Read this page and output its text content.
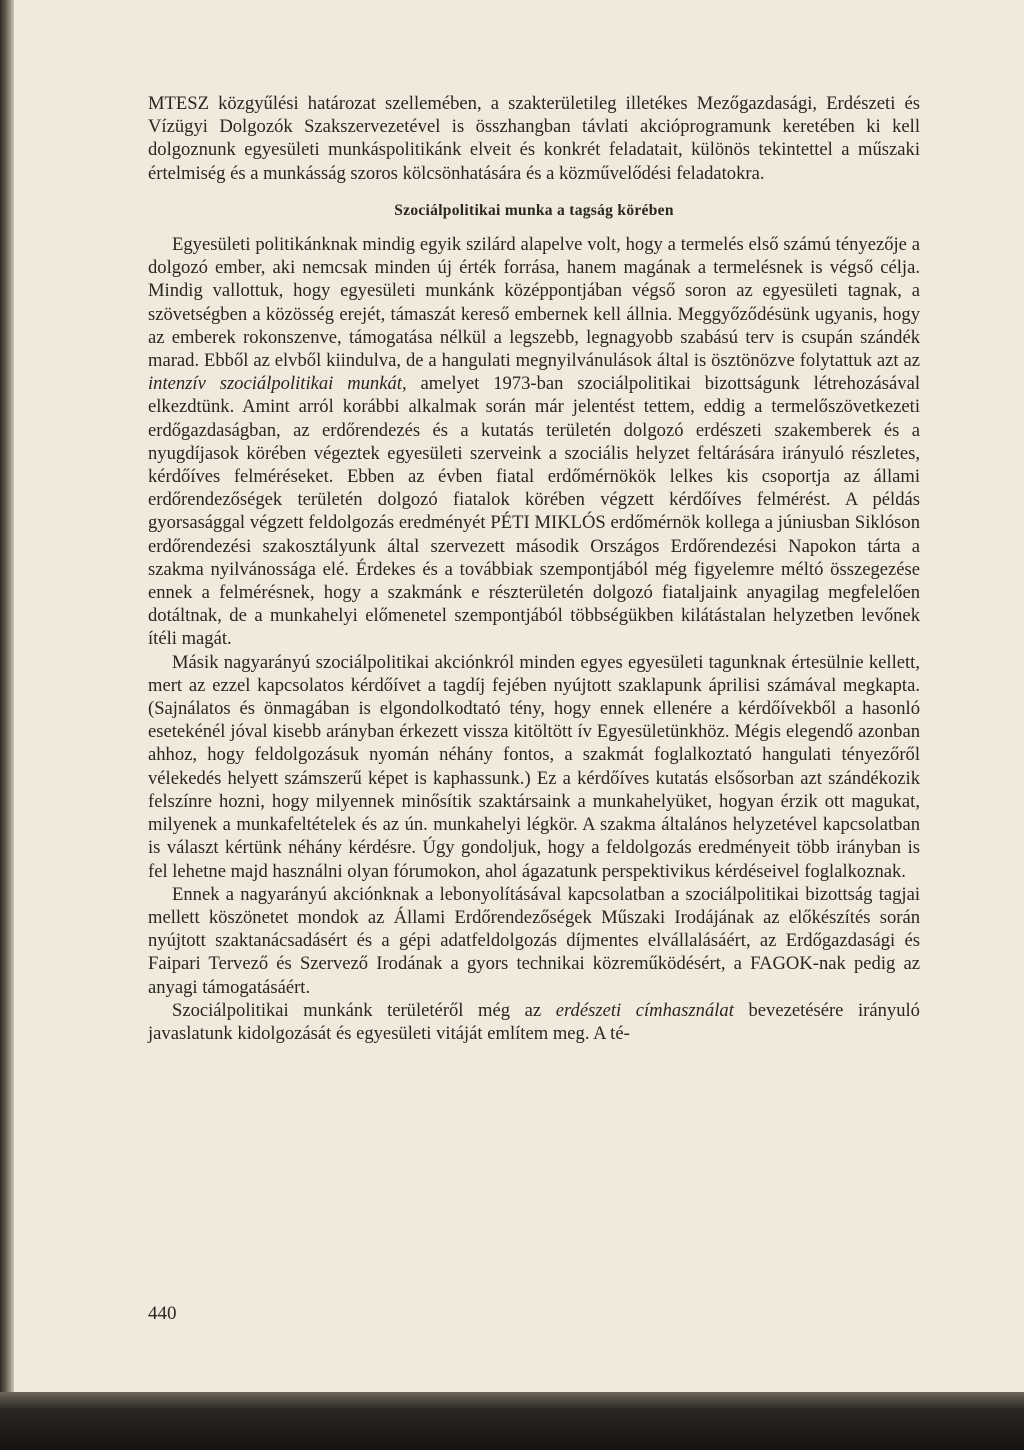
MTESZ közgyűlési határozat szellemében, a szakterületileg illetékes Mezőgazdasági, Erdészeti és Vízügyi Dolgozók Szakszervezetével is összhangban távlati akcióprogramunk keretében ki kell dolgoznunk egyesületi munkáspolitikánk elveit és konkrét feladatait, különös tekintettel a műszaki értelmiség és a munkásság szoros kölcsönhatására és a közművelődési feladatokra.

Szociálpolitikai munka a tagság körében

Egyesületi politikánknak mindig egyik szilárd alapelve volt, hogy a termelés első számú tényezője a dolgozó ember, aki nemcsak minden új érték forrása, hanem magának a termelésnek is végső célja. Mindig vallottuk, hogy egyesületi munkánk középpontjában végső soron az egyesületi tagnak, a szövetségben a közösség erejét, támaszát kereső embernek kell állnia. Meggyőződésünk ugyanis, hogy az emberek rokonszenve, támogatása nélkül a legszebb, legnagyobb szabású terv is csupán szándék marad. Ebből az elvből kiindulva, de a hangulati megnyilvánulások által is ösztönözve folytattuk azt az intenzív szociálpolitikai munkát, amelyet 1973-ban szociálpolitikai bizottságunk létrehozásával elkezdtünk. Amint arról korábbi alkalmak során már jelentést tettem, eddig a termelőszövetkezeti erdőgazdaságban, az erdőrendezés és a kutatás területén dolgozó erdészeti szakemberek és a nyugdíjasok körében végeztek egyesületi szerveink a szociális helyzet feltárására irányuló részletes, kérdőíves felméréseket. Ebben az évben fiatal erdőmérnökök lelkes kis csoportja az állami erdőrendezőségek területén dolgozó fiatalok körében végzett kérdőíves felmérést. A példás gyorsasággal végzett feldolgozás eredményét PÉTI MIKLÓS erdőmérnök kollega a júniusban Siklóson erdőrendezési szakosztályunk által szervezett második Országos Erdőrendezési Napokon tárta a szakma nyilvánossága elé. Érdekes és a továbbiak szempontjából még figyelemre méltó összegezése ennek a felmérésnek, hogy a szakmánk e részterületén dolgozó fiataljaink anyagilag megfelelően dotáltnak, de a munkahelyi előmenetel szempontjából többségükben kilátástalan helyzetben levőnek ítéli magát.

Másik nagyarányú szociálpolitikai akciónkról minden egyes egyesületi tagunknak értesülnie kellett, mert az ezzel kapcsolatos kérdőívet a tagdíj fejében nyújtott szaklapunk áprilisi számával megkapta. (Sajnálatos és önmagában is elgondolkodtató tény, hogy ennek ellenére a kérdőívekből a hasonló esetekénél jóval kisebb arányban érkezett vissza kitöltött ív Egyesületünkhöz. Mégis elegendő azonban ahhoz, hogy feldolgozásuk nyomán néhány fontos, a szakmát foglalkoztató hangulati tényezőről vélekedés helyett számszerű képet is kaphassunk.) Ez a kérdőíves kutatás elsősorban azt szándékozik felszínre hozni, hogy milyennek minősítik szaktársaink a munkahelyüket, hogyan érzik ott magukat, milyenek a munkafeltételek és az ún. munkahelyi légkör. A szakma általános helyzetével kapcsolatban is választ kértünk néhány kérdésre. Úgy gondoljuk, hogy a feldolgozás eredményeit több irányban is fel lehetne majd használni olyan fórumokon, ahol ágazatunk perspektivikus kérdéseivel foglalkoznak.

Ennek a nagyarányú akciónknak a lebonyolításával kapcsolatban a szociálpolitikai bizottság tagjai mellett köszönetet mondok az Állami Erdőrendezőségek Műszaki Irodájának az előkészítés során nyújtott szaktanácsadásért és a gépi adatfeldolgozás díjmentes elvállalásáért, az Erdőgazdasági és Faipari Tervező és Szervező Irodának a gyors technikai közreműködésért, a FAGOK-nak pedig az anyagi támogatásáért.

Szociálpolitikai munkánk területéről még az erdészeti címhasználat bevezetésére irányuló javaslatunk kidolgozását és egyesületi vitáját említem meg. A té-

440
